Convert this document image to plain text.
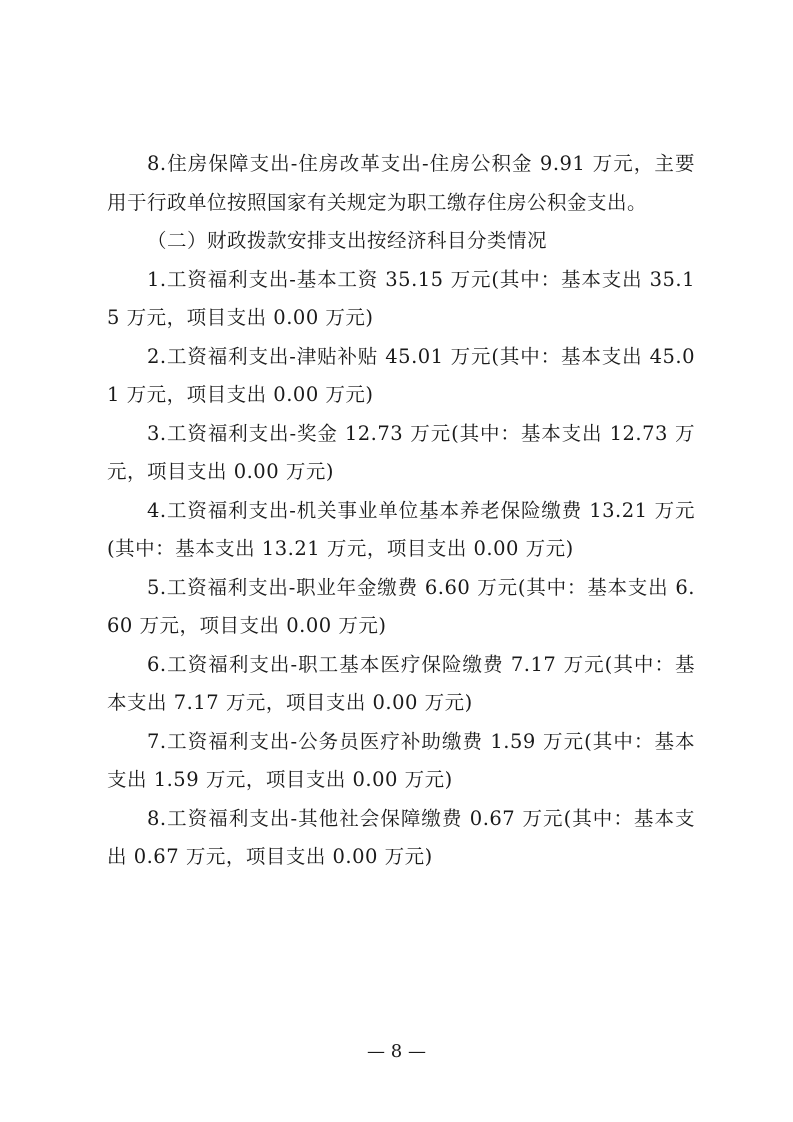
8.住房保障支出-住房改革支出-住房公积金 9.91 万元，主要用于行政单位按照国家有关规定为职工缴存住房公积金支出。

（二）财政拨款安排支出按经济科目分类情况

1.工资福利支出-基本工资 35.15 万元(其中：基本支出 35.15 万元，项目支出 0.00 万元)

2.工资福利支出-津贴补贴 45.01 万元(其中：基本支出 45.01 万元，项目支出 0.00 万元)

3.工资福利支出-奖金 12.73 万元(其中：基本支出 12.73 万元，项目支出 0.00 万元)

4.工资福利支出-机关事业单位基本养老保险缴费 13.21 万元(其中：基本支出 13.21 万元，项目支出 0.00 万元)

5.工资福利支出-职业年金缴费 6.60 万元(其中：基本支出 6.60 万元，项目支出 0.00 万元)

6.工资福利支出-职工基本医疗保险缴费 7.17 万元(其中：基本支出 7.17 万元，项目支出 0.00 万元)

7.工资福利支出-公务员医疗补助缴费 1.59 万元(其中：基本支出 1.59 万元，项目支出 0.00 万元)

8.工资福利支出-其他社会保障缴费 0.67 万元(其中：基本支出 0.67 万元，项目支出 0.00 万元)

— 8 —
